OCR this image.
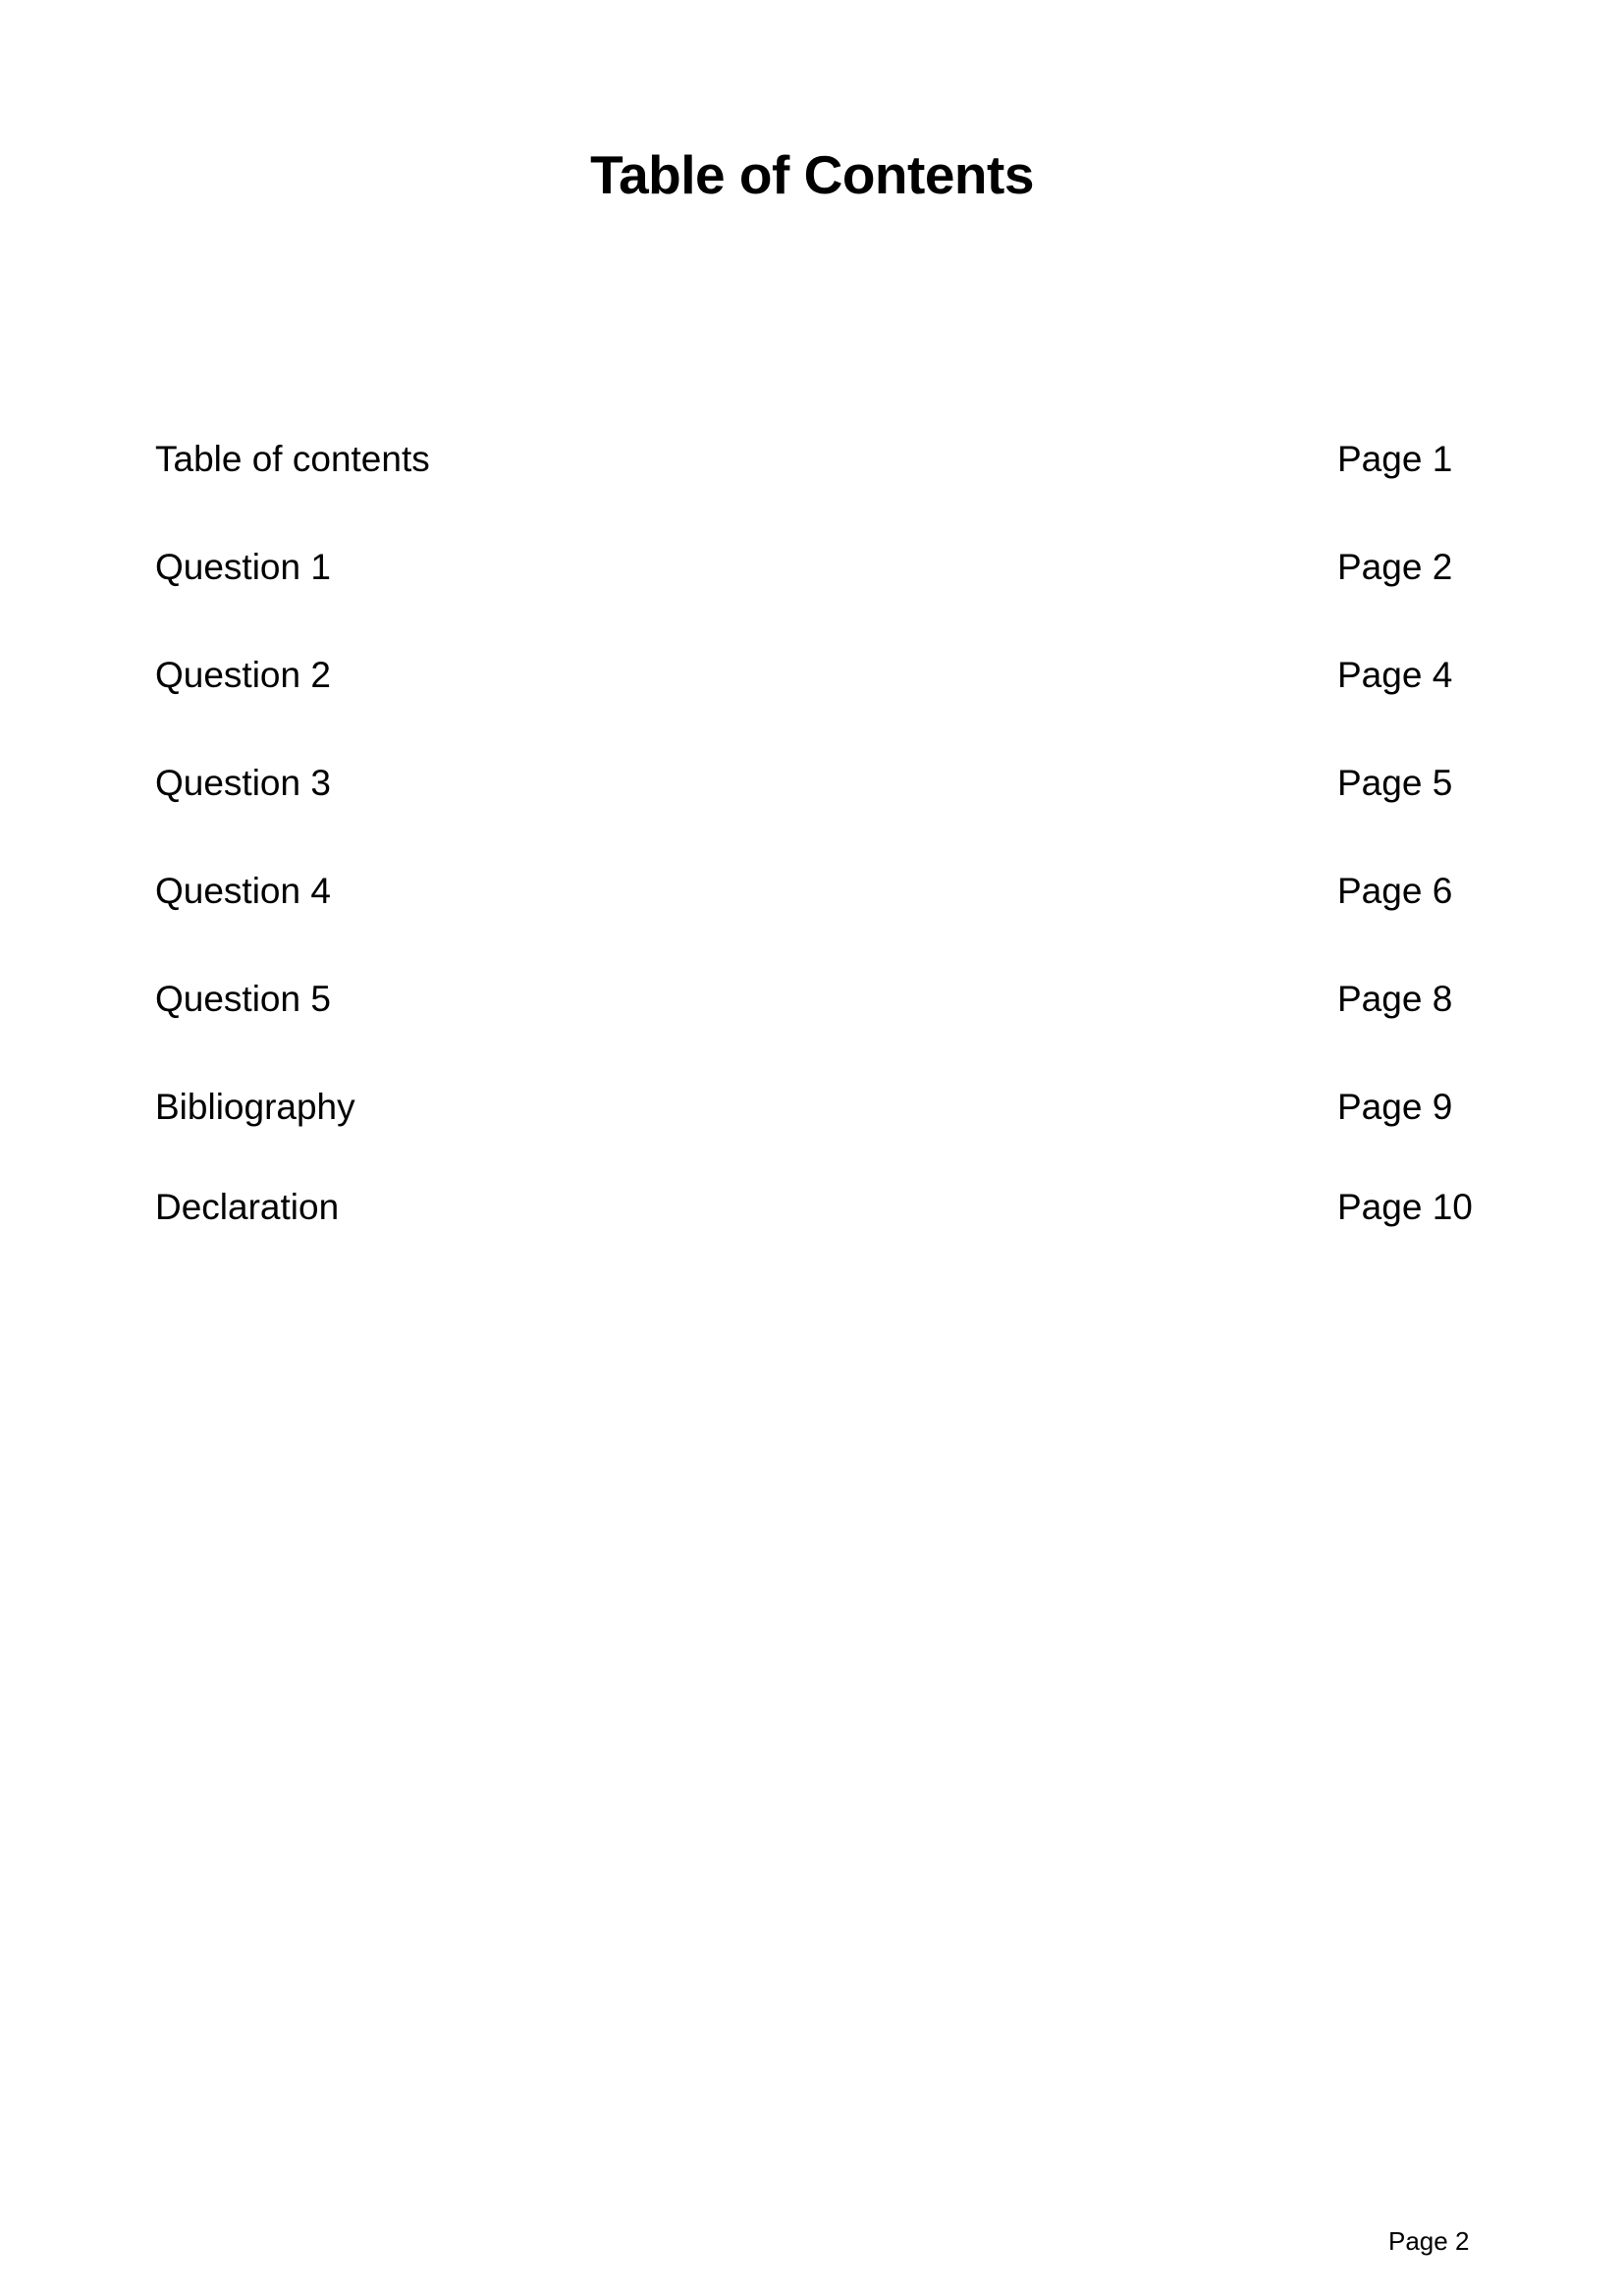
Table of Contents
Table of contents	Page 1
Question 1	Page 2
Question 2	Page 4
Question 3	Page 5
Question 4	Page 6
Question 5	Page 8
Bibliography	Page 9
Declaration	Page 10
Page 2
